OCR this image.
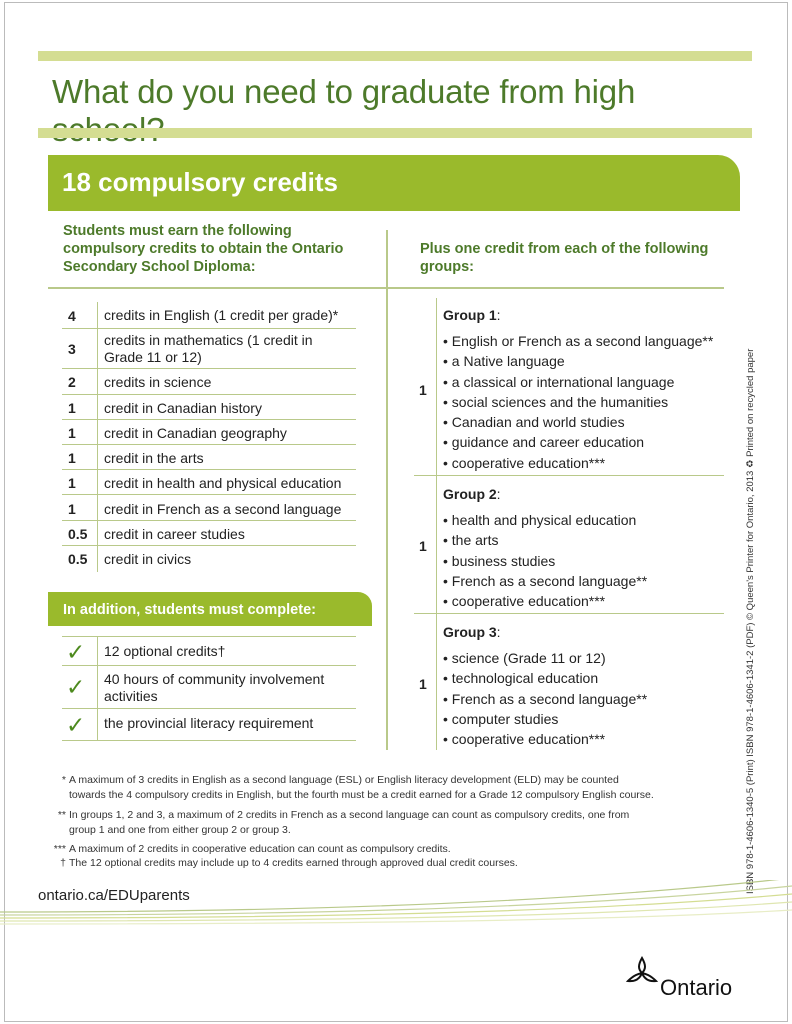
What do you need to graduate from high
18 compulsory credits
Students must earn the following compulsory credits to obtain the Ontario Secondary School Diploma:
Plus one credit from each of the following groups:
4 credits in English (1 credit per grade)*
3
credits in mathematics (1 credit in Grade 11 or 12)
2 credits in science
1 credit in Canadian history
1 credit in Canadian geography
1 credit in the arts
1 credit in health and physical education
1 credit in French as a second language
0.5 credit in career studies
0.5 credit in civics
In addition, students must complete:
✓ 12 optional credits†
✓ 40 hours of community involvement activities
✓ the provincial literacy requirement
1
Group 1:
• English or French as a second language**
• a Native language
• a classical or international language
• social sciences and the humanities
• Canadian and world studies
• guidance and career education
• cooperative education***
1
Group 2:
• health and physical education
• the arts
• business studies
• French as a second language**
• cooperative education***
1
Group 3:
• science (Grade 11 or 12)
• technological education
• French as a second language**
• computer studies
• cooperative education***
* A maximum of 3 credits in English as a second language (ESL) or English literacy development (ELD) may be counted
towards the 4 compulsory credits in English, but the fourth must be a credit earned for a Grade 12 compulsory English course.
** In groups 1, 2 and 3, a maximum of 2 credits in French as a second language can count as compulsory credits, one from
group 1 and one from either group 2 or group 3.
*** A maximum of 2 credits in cooperative education can count as compulsory credits.
† The 12 optional credits may include up to 4 credits earned through approved dual credit courses.
ontario.ca/EDUparents
ISBN 978-1-4606-1340-5 (Print) ISBN 978-1-4606-1341-2 (PDF) © Queen's Printer for Ontario, 2013 ♻ Printed on recycled paper
Ontario
